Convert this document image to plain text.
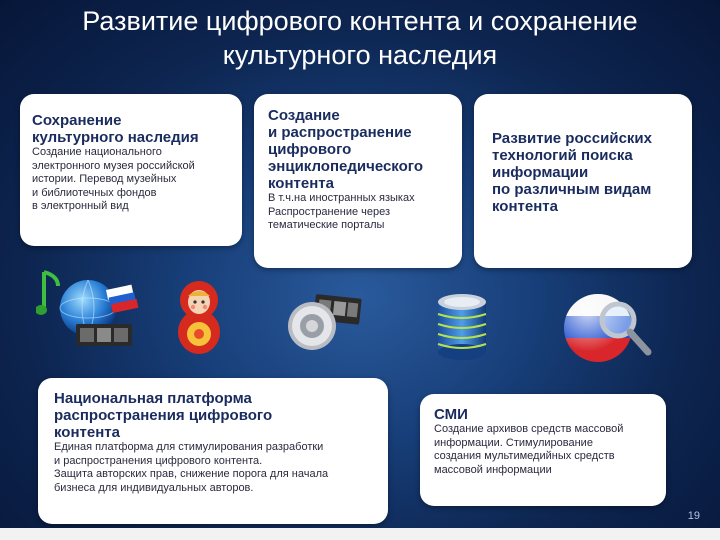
Развитие цифрового контента и сохранение
культурного наследия
Сохранение
культурного наследия
Создание национального
электронного музея российской
истории. Перевод музейных
и библиотечных фондов
в электронный вид
Создание
и распространение
цифрового
энциклопедического
контента
В т.ч.на иностранных языках
Распространение через
тематические порталы
Развитие российских
технологий поиска
информации
по различным видам
контента
Национальная платформа
распространения цифрового
контента
Единая платформа для стимулирования разработки
и распространения цифрового контента.
Защита авторских прав, снижение порога для начала
бизнеса для индивидуальных авторов.
СМИ
Создание архивов средств массовой
информации. Стимулирование
создания мультимедийных средств
массовой информации
19
